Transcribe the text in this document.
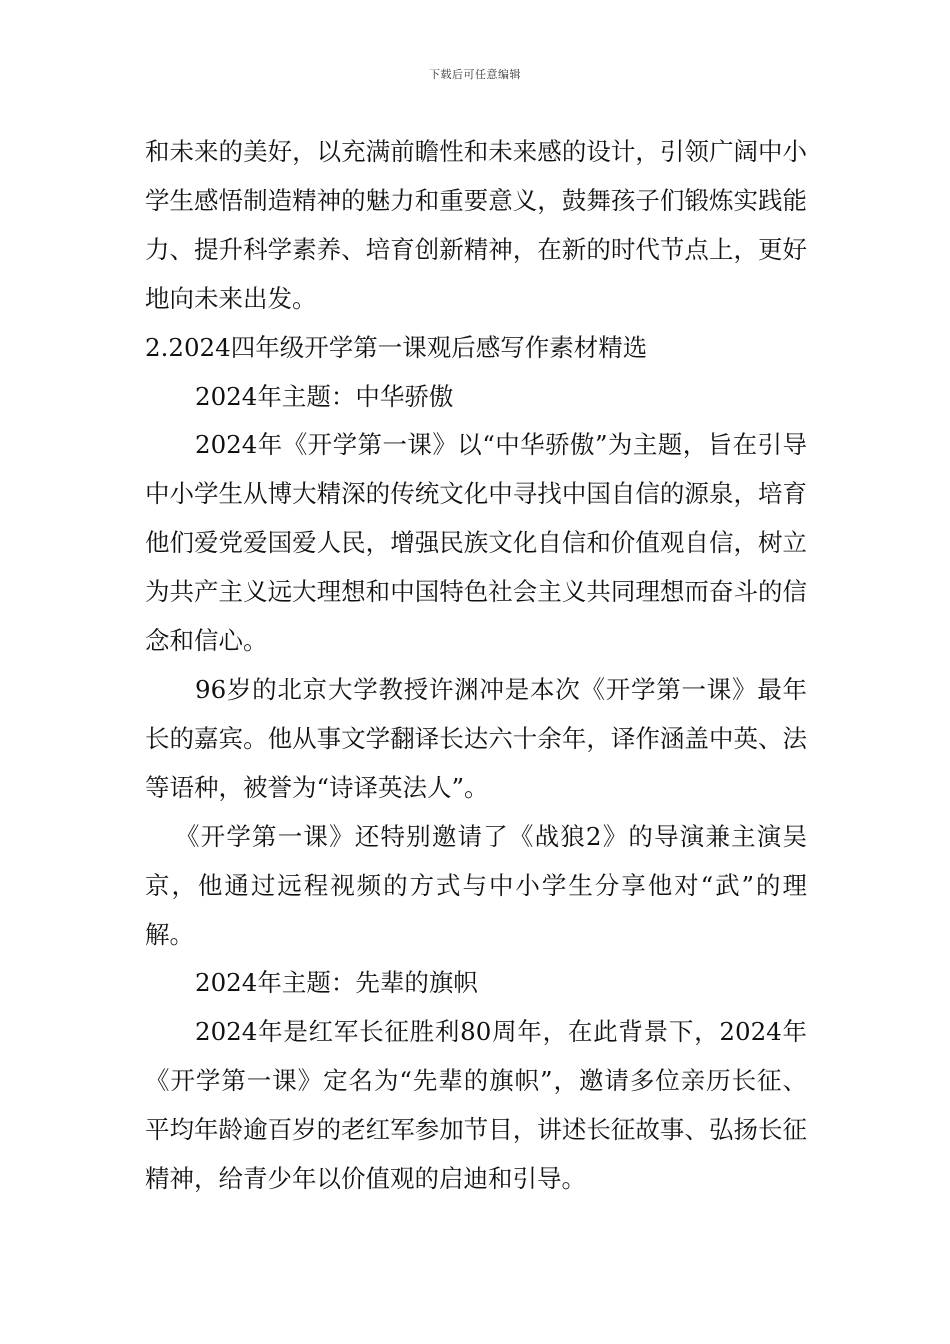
下载后可任意编辑

和未来的美好，以充满前瞻性和未来感的设计，引领广阔中小学生感悟制造精神的魅力和重要意义，鼓舞孩子们锻炼实践能力、提升科学素养、培育创新精神，在新的时代节点上，更好地向未来出发。

2.2024四年级开学第一课观后感写作素材精选

2024年主题：中华骄傲

2024年《开学第一课》以“中华骄傲”为主题，旨在引导中小学生从博大精深的传统文化中寻找中国自信的源泉，培育他们爱党爱国爱人民，增强民族文化自信和价值观自信，树立为共产主义远大理想和中国特色社会主义共同理想而奋斗的信念和信心。

96岁的北京大学教授许渊冲是本次《开学第一课》最年长的嘉宾。他从事文学翻译长达六十余年，译作涵盖中英、法等语种，被誉为“诗译英法人”。

《开学第一课》还特别邀请了《战狼2》的导演兼主演吴京，他通过远程视频的方式与中小学生分享他对“武”的理解。

2024年主题：先辈的旗帜

2024年是红军长征胜利80周年，在此背景下，2024年《开学第一课》定名为“先辈的旗帜”，邀请多位亲历长征、平均年龄逾百岁的老红军参加节目，讲述长征故事、弘扬长征精神，给青少年以价值观的启迪和引导。
